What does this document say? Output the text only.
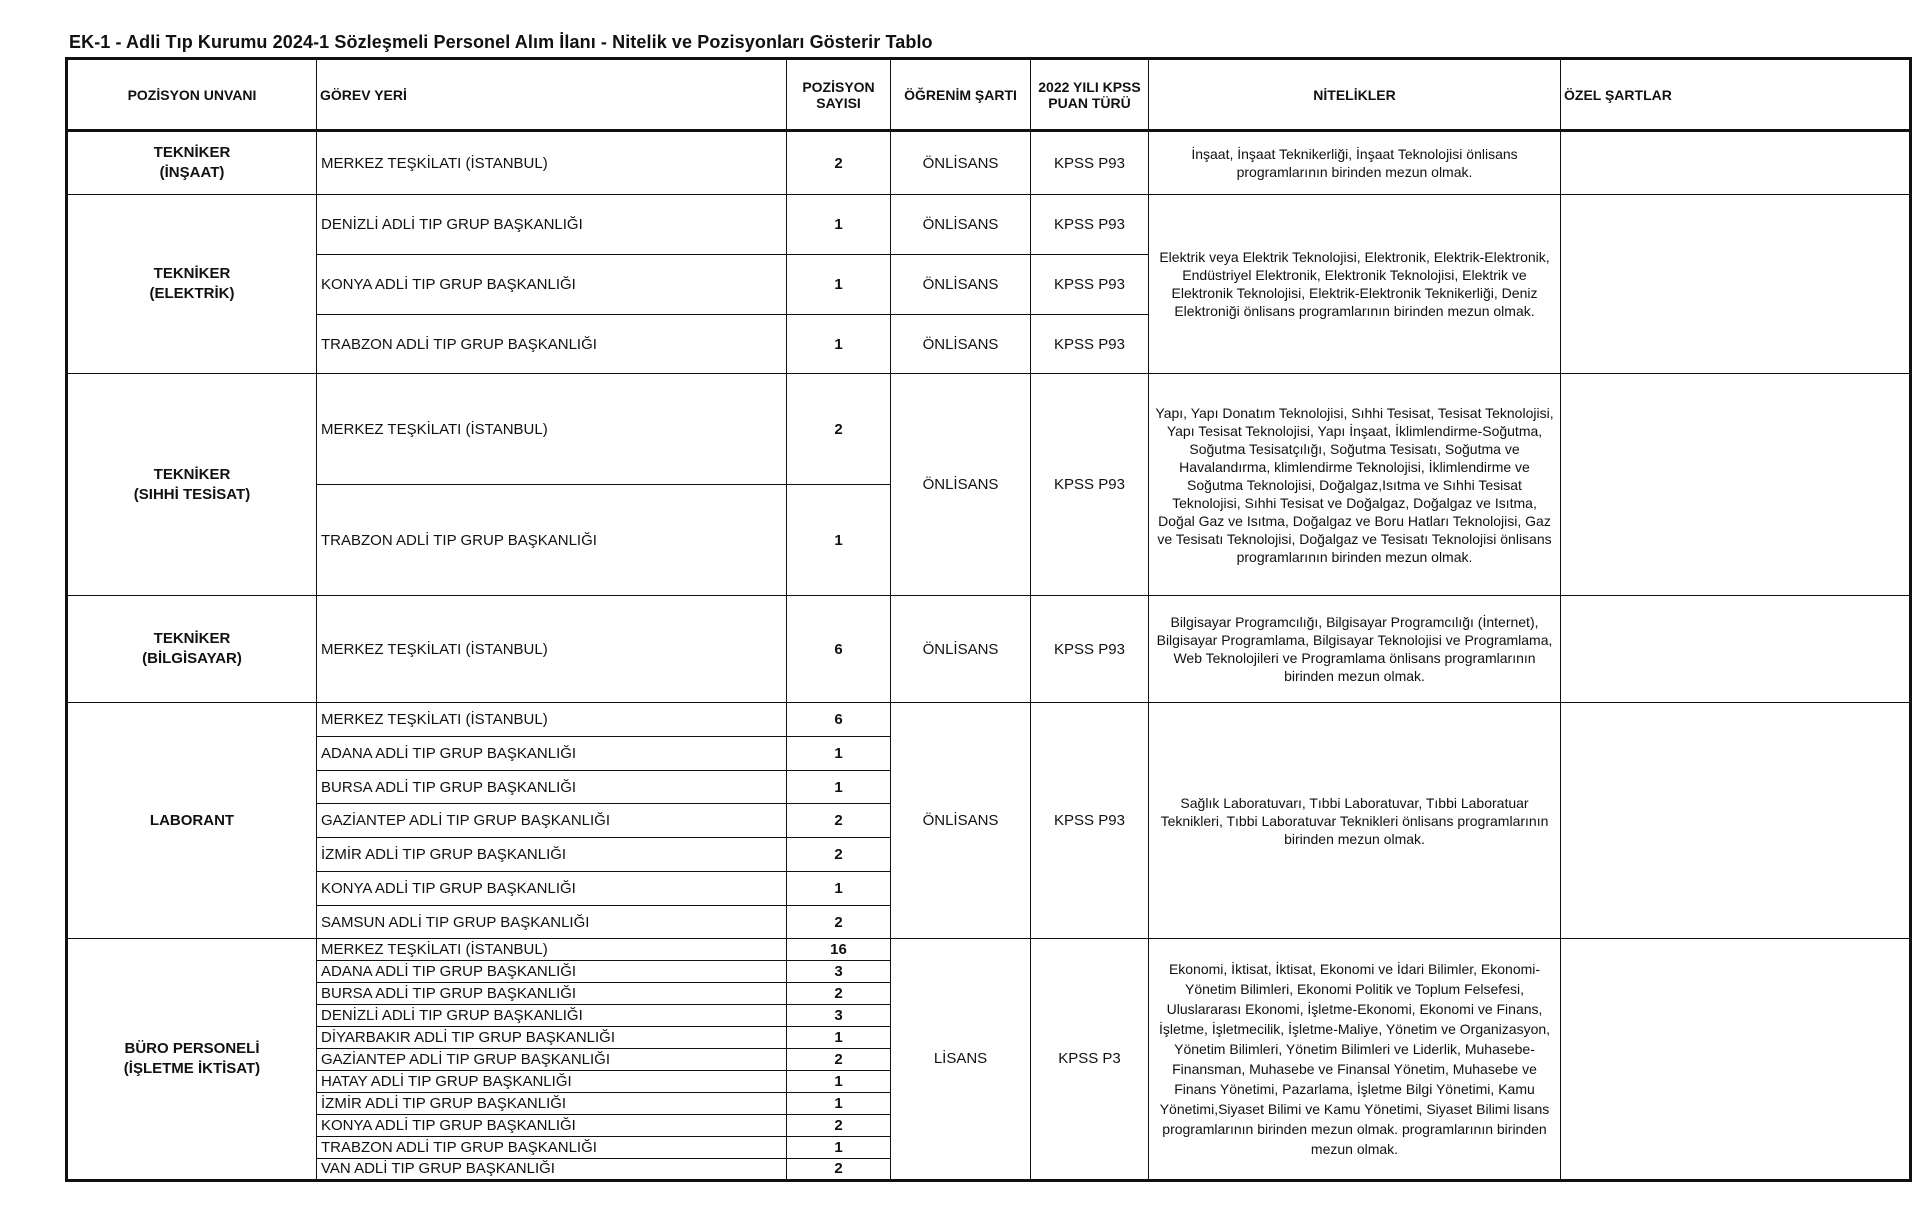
EK-1 - Adli Tıp Kurumu 2024-1 Sözleşmeli Personel Alım İlanı - Nitelik ve Pozisyonları Gösterir Tablo
POZİSYON UNVANI	GÖREV YERİ	POZİSYON SAYISI	ÖĞRENİM ŞARTI	2022 YILI KPSS PUAN TÜRÜ	NİTELİKLER	ÖZEL ŞARTLAR

TEKNİKER
(İNŞAAT)	MERKEZ TEŞKİLATI (İSTANBUL)	2	ÖNLİSANS	KPSS P93	İnşaat, İnşaat Teknikerliği, İnşaat Teknolojisi önlisans programlarının birinden mezun olmak.	

TEKNİKER
(ELEKTRİK)	DENİZLİ ADLİ TIP GRUP BAŞKANLIĞI	1	ÖNLİSANS	KPSS P93	Elektrik veya Elektrik Teknolojisi, Elektronik, Elektrik-Elektronik, Endüstriyel Elektronik, Elektronik Teknolojisi, Elektrik ve Elektronik Teknolojisi, Elektrik-Elektronik Teknikerliği, Deniz Elektroniği önlisans programlarının birinden mezun olmak.	
	KONYA ADLİ TIP GRUP BAŞKANLIĞI	1	ÖNLİSANS	KPSS P93		
	TRABZON ADLİ TIP GRUP BAŞKANLIĞI	1	ÖNLİSANS	KPSS P93		

TEKNİKER
(SIHHİ TESİSAT)	MERKEZ TEŞKİLATI (İSTANBUL)	2	ÖNLİSANS	KPSS P93	Yapı, Yapı Donatım Teknolojisi, Sıhhi Tesisat, Tesisat Teknolojisi, Yapı Tesisat Teknolojisi, Yapı İnşaat, İklimlendirme-Soğutma, Soğutma Tesisatçılığı, Soğutma Tesisatı, Soğutma ve Havalandırma, klimlendirme Teknolojisi, İklimlendirme ve Soğutma Teknolojisi, Doğalgaz,Isıtma ve Sıhhi Tesisat Teknolojisi, Sıhhi Tesisat ve Doğalgaz, Doğalgaz ve Isıtma, Doğal Gaz ve Isıtma, Doğalgaz ve Boru Hatları Teknolojisi, Gaz ve Tesisatı Teknolojisi, Doğalgaz ve Tesisatı Teknolojisi önlisans programlarının birinden mezun olmak.	
	TRABZON ADLİ TIP GRUP BAŞKANLIĞI	1				

TEKNİKER
(BİLGİSAYAR)	MERKEZ TEŞKİLATI (İSTANBUL)	6	ÖNLİSANS	KPSS P93	Bilgisayar Programcılığı, Bilgisayar Programcılığı (İnternet), Bilgisayar Programlama, Bilgisayar Teknolojisi ve Programlama, Web Teknolojileri ve Programlama önlisans programlarının birinden mezun olmak.	

LABORANT	MERKEZ TEŞKİLATI (İSTANBUL)	6	ÖNLİSANS	KPSS P93	Sağlık Laboratuvarı, Tıbbi Laboratuvar, Tıbbi Laboratuar Teknikleri, Tıbbi Laboratuvar Teknikleri önlisans programlarının birinden mezun olmak.	
	ADANA ADLİ TIP GRUP BAŞKANLIĞI	1				
	BURSA ADLİ TIP GRUP BAŞKANLIĞI	1				
	GAZİANTEP ADLİ TIP GRUP BAŞKANLIĞI	2				
	İZMİR ADLİ TIP GRUP BAŞKANLIĞI	2				
	KONYA ADLİ TIP GRUP BAŞKANLIĞI	1				
	SAMSUN ADLİ TIP GRUP BAŞKANLIĞI	2				

BÜRO PERSONELİ
(İŞLETME İKTİSAT)	MERKEZ TEŞKİLATI (İSTANBUL)	16	LİSANS	KPSS P3	Ekonomi, İktisat, İktisat, Ekonomi ve İdari Bilimler, Ekonomi-Yönetim Bilimleri, Ekonomi Politik ve Toplum Felsefesi, Uluslararası Ekonomi, İşletme-Ekonomi, Ekonomi ve Finans, İşletme, İşletmecilik, İşletme-Maliye, Yönetim ve Organizasyon, Yönetim Bilimleri, Yönetim Bilimleri ve Liderlik, Muhasebe-Finansman, Muhasebe ve Finansal Yönetim, Muhasebe ve Finans Yönetimi, Pazarlama, İşletme Bilgi Yönetimi, Kamu Yönetimi,Siyaset Bilimi ve Kamu Yönetimi, Siyaset Bilimi lisans programlarının birinden mezun olmak. programlarının birinden mezun olmak.	
	ADANA ADLİ TIP GRUP BAŞKANLIĞI	3				
	BURSA ADLİ TIP GRUP BAŞKANLIĞI	2				
	DENİZLİ ADLİ TIP GRUP BAŞKANLIĞI	3				
	DİYARBAKIR ADLİ TIP GRUP BAŞKANLIĞI	1				
	GAZİANTEP ADLİ TIP GRUP BAŞKANLIĞI	2				
	HATAY ADLİ TIP GRUP BAŞKANLIĞI	1				
	İZMİR ADLİ TIP GRUP BAŞKANLIĞI	1				
	KONYA ADLİ TIP GRUP BAŞKANLIĞI	2				
	TRABZON ADLİ TIP GRUP BAŞKANLIĞI	1				
	VAN ADLİ TIP GRUP BAŞKANLIĞI	2				
